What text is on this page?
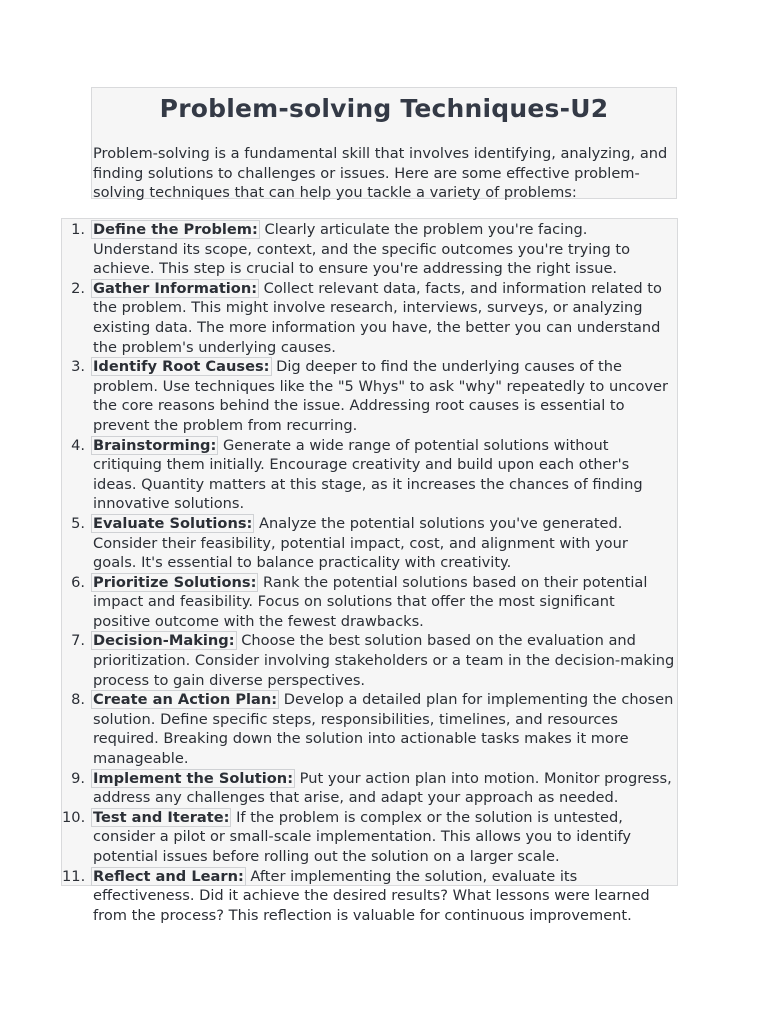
Problem-solving Techniques-U2

Problem-solving is a fundamental skill that involves identifying, analyzing, and finding solutions to challenges or issues. Here are some effective problem-solving techniques that can help you tackle a variety of problems:

1. Define the Problem: Clearly articulate the problem you're facing. Understand its scope, context, and the specific outcomes you're trying to achieve. This step is crucial to ensure you're addressing the right issue.
2. Gather Information: Collect relevant data, facts, and information related to the problem. This might involve research, interviews, surveys, or analyzing existing data. The more information you have, the better you can understand the problem's underlying causes.
3. Identify Root Causes: Dig deeper to find the underlying causes of the problem. Use techniques like the "5 Whys" to ask "why" repeatedly to uncover the core reasons behind the issue. Addressing root causes is essential to prevent the problem from recurring.
4. Brainstorming: Generate a wide range of potential solutions without critiquing them initially. Encourage creativity and build upon each other's ideas. Quantity matters at this stage, as it increases the chances of finding innovative solutions.
5. Evaluate Solutions: Analyze the potential solutions you've generated. Consider their feasibility, potential impact, cost, and alignment with your goals. It's essential to balance practicality with creativity.
6. Prioritize Solutions: Rank the potential solutions based on their potential impact and feasibility. Focus on solutions that offer the most significant positive outcome with the fewest drawbacks.
7. Decision-Making: Choose the best solution based on the evaluation and prioritization. Consider involving stakeholders or a team in the decision-making process to gain diverse perspectives.
8. Create an Action Plan: Develop a detailed plan for implementing the chosen solution. Define specific steps, responsibilities, timelines, and resources required. Breaking down the solution into actionable tasks makes it more manageable.
9. Implement the Solution: Put your action plan into motion. Monitor progress, address any challenges that arise, and adapt your approach as needed.
10. Test and Iterate: If the problem is complex or the solution is untested, consider a pilot or small-scale implementation. This allows you to identify potential issues before rolling out the solution on a larger scale.
11. Reflect and Learn: After implementing the solution, evaluate its effectiveness. Did it achieve the desired results? What lessons were learned from the process? This reflection is valuable for continuous improvement.
